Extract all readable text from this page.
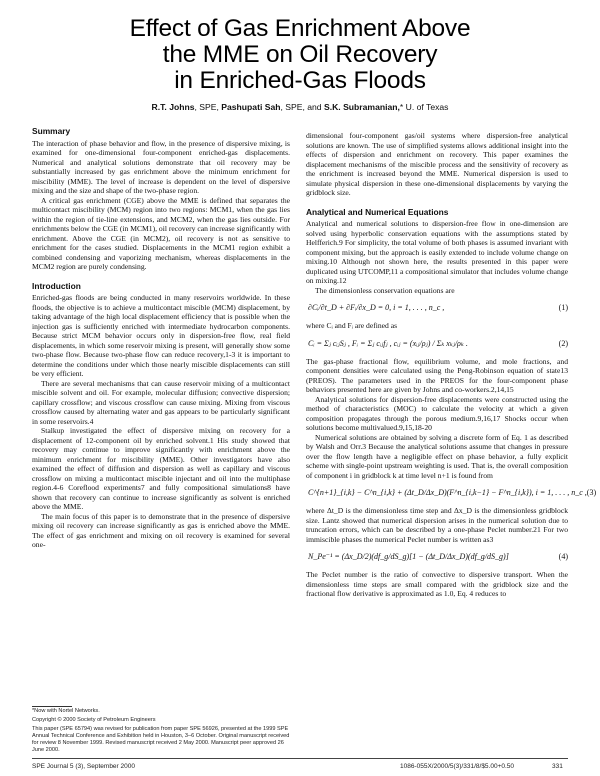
Effect of Gas Enrichment Above
the MME on Oil Recovery
in Enriched-Gas Floods
R.T. Johns, SPE, Pashupati Sah, SPE, and S.K. Subramanian,* U. of Texas
Summary

The interaction of phase behavior and flow, in the presence of dispersive mixing, is examined for one-dimensional four-component enriched-gas displacements. Numerical and analytical solutions demonstrate that oil recovery may be substantially increased by gas enrichment above the minimum enrichment for miscibility (MME). The level of increase is dependent on the level of dispersive mixing and the size and shape of the two-phase region.

A critical gas enrichment (CGE) above the MME is defined that separates the multicontact miscibility (MCM) region into two regions: MCM1, when the gas lies within the region of tie-line extensions, and MCM2, when the gas lies outside. For enrichments below the CGE (in MCM1), oil recovery can increase significantly with enrichment. Above the CGE (in MCM2), oil recovery is not as sensitive to enrichment for the cases studied. Displacements in the MCM1 region exhibit a combined condensing and vaporizing mechanism, whereas displacements in the MCM2 region are purely condensing.

Introduction

Enriched-gas floods are being conducted in many reservoirs worldwide. In these floods, the objective is to achieve a multicontact miscible (MCM) displacement, by taking advantage of the high local displacement efficiency that is possible when the injection gas is sufficiently enriched with intermediate hydrocarbon components. Because strict MCM behavior occurs only in dispersion-free flow, real field displacements, in which some reservoir mixing is present, will generally show some two-phase flow. Because two-phase flow can reduce recovery,1-3 it is important to determine the conditions under which those nearly miscible displacements can still be very efficient.

There are several mechanisms that can cause reservoir mixing of a multicontact miscible solvent and oil. For example, molecular diffusion; convective dispersion; capillary crossflow; and viscous crossflow can cause mixing. Mixing from viscous crossflow caused by alternating water and gas appears to be particularly significant in some reservoirs.4

Stalkup investigated the effect of dispersive mixing on recovery for a displacement of 12-component oil by enriched solvent.1 His study showed that recovery may continue to improve significantly with enrichment above the minimum enrichment for miscibility (MME). Other investigators have also examined the effect of diffusion and dispersion as well as capillary and viscous crossflow on mixing a multicontact miscible injectant and oil into the multiphase region.4-6 Coreflood experiments7 and fully compositional simulations8 have shown that recovery can continue to increase significantly as solvent is enriched above the MME.

The main focus of this paper is to demonstrate that in the presence of dispersive mixing oil recovery can increase significantly as gas is enriched above the MME. The effect of gas enrichment and mixing on oil recovery is examined for several one-

*Now with Nortel Networks.
Copyright © 2000 Society of Petroleum Engineers
This paper (SPE 65794) was revised for publication from paper SPE 56926, presented at the 1999 SPE Annual Technical Conference and Exhibition held in Houston, 3–6 October. Original manuscript received for review 8 November 1999. Revised manuscript received 2 May 2000. Manuscript peer approved 26 June 2000.

dimensional four-component gas/oil systems where dispersion-free analytical solutions are known. The use of simplified systems allows additional insight into the effects of dispersion and enrichment on recovery. This paper examines the displacement mechanisms of the miscible process and the sensitivity of recovery as the enrichment is increased beyond the MME. Numerical dispersion is used to simulate physical dispersion in these one-dimensional displacements by varying the gridblock size.

Analytical and Numerical Equations

Analytical and numerical solutions to dispersion-free flow in one-dimension are solved using hyperbolic conservation equations with the assumptions stated by Helfferich.9 For simplicity, the total volume of both phases is assumed invariant with component mixing, but the approach is easily extended to include volume change on mixing.10 Although not shown here, the results presented in this paper were duplicated using UTCOMP,11 a compositional simulator that includes volume change on mixing.12

The dimensionless conservation equations are

∂Cᵢ/∂t_D + ∂Fᵢ/∂x_D = 0, i = 1, . . . , n_c ,	(1)

where Cᵢ and Fᵢ are defined as

Cᵢ = Σⱼ cᵢⱼSⱼ , Fᵢ = Σⱼ cᵢⱼfⱼ , cᵢⱼ = (xᵢⱼ/ρⱼ) / Σₖ xₖⱼ/ρₖ .	(2)

The gas-phase fractional flow, equilibrium volume, and mole fractions, and component densities were calculated using the Peng-Robinson equation of state13 (PREOS). The parameters used in the PREOS for the four-component phase behaviors presented here are given by Johns and co-workers.2,14,15

Analytical solutions for dispersion-free displacements were constructed using the method of characteristics (MOC) to calculate the velocity at which a given composition propagates through the porous medium.9,16,17 Shocks occur when solutions become multivalued.9,15,18-20

Numerical solutions are obtained by solving a discrete form of Eq. 1 as described by Walsh and Orr.3 Because the analytical solutions assume that changes in pressure over the flow length have a negligible effect on phase behavior, a fully explicit scheme with single-point upstream weighting is used. That is, the overall composition of component i in gridblock k at time level n+1 is found from

C^{n+1}_{i,k} − C^n_{i,k} + (Δt_D/Δx_D)(F^n_{i,k−1} − F^n_{i,k}), i = 1, . . . , n_c , (3)

where Δt_D is the dimensionless time step and Δx_D is the dimensionless gridblock size. Lantz showed that numerical dispersion arises in the numerical solution due to truncation errors, which can be described by a one-phase Peclet number.21 For two immiscible phases the numerical Peclet number is written as3

N_Pe⁻¹ = (Δx_D/2)(df_g/dS_g)[1 − (Δt_D/Δx_D)(df_g/dS_g)]	(4)

The Peclet number is the ratio of convective to dispersive transport. When the dimensionless time steps are small compared with the gridblock size and the fractional flow derivative is approximated as 1.0, Eq. 4 reduces to

SPE Journal 5 (3), September 2000	1086-055X/2000/5(3)/331/8/$5.00+0.50	331
